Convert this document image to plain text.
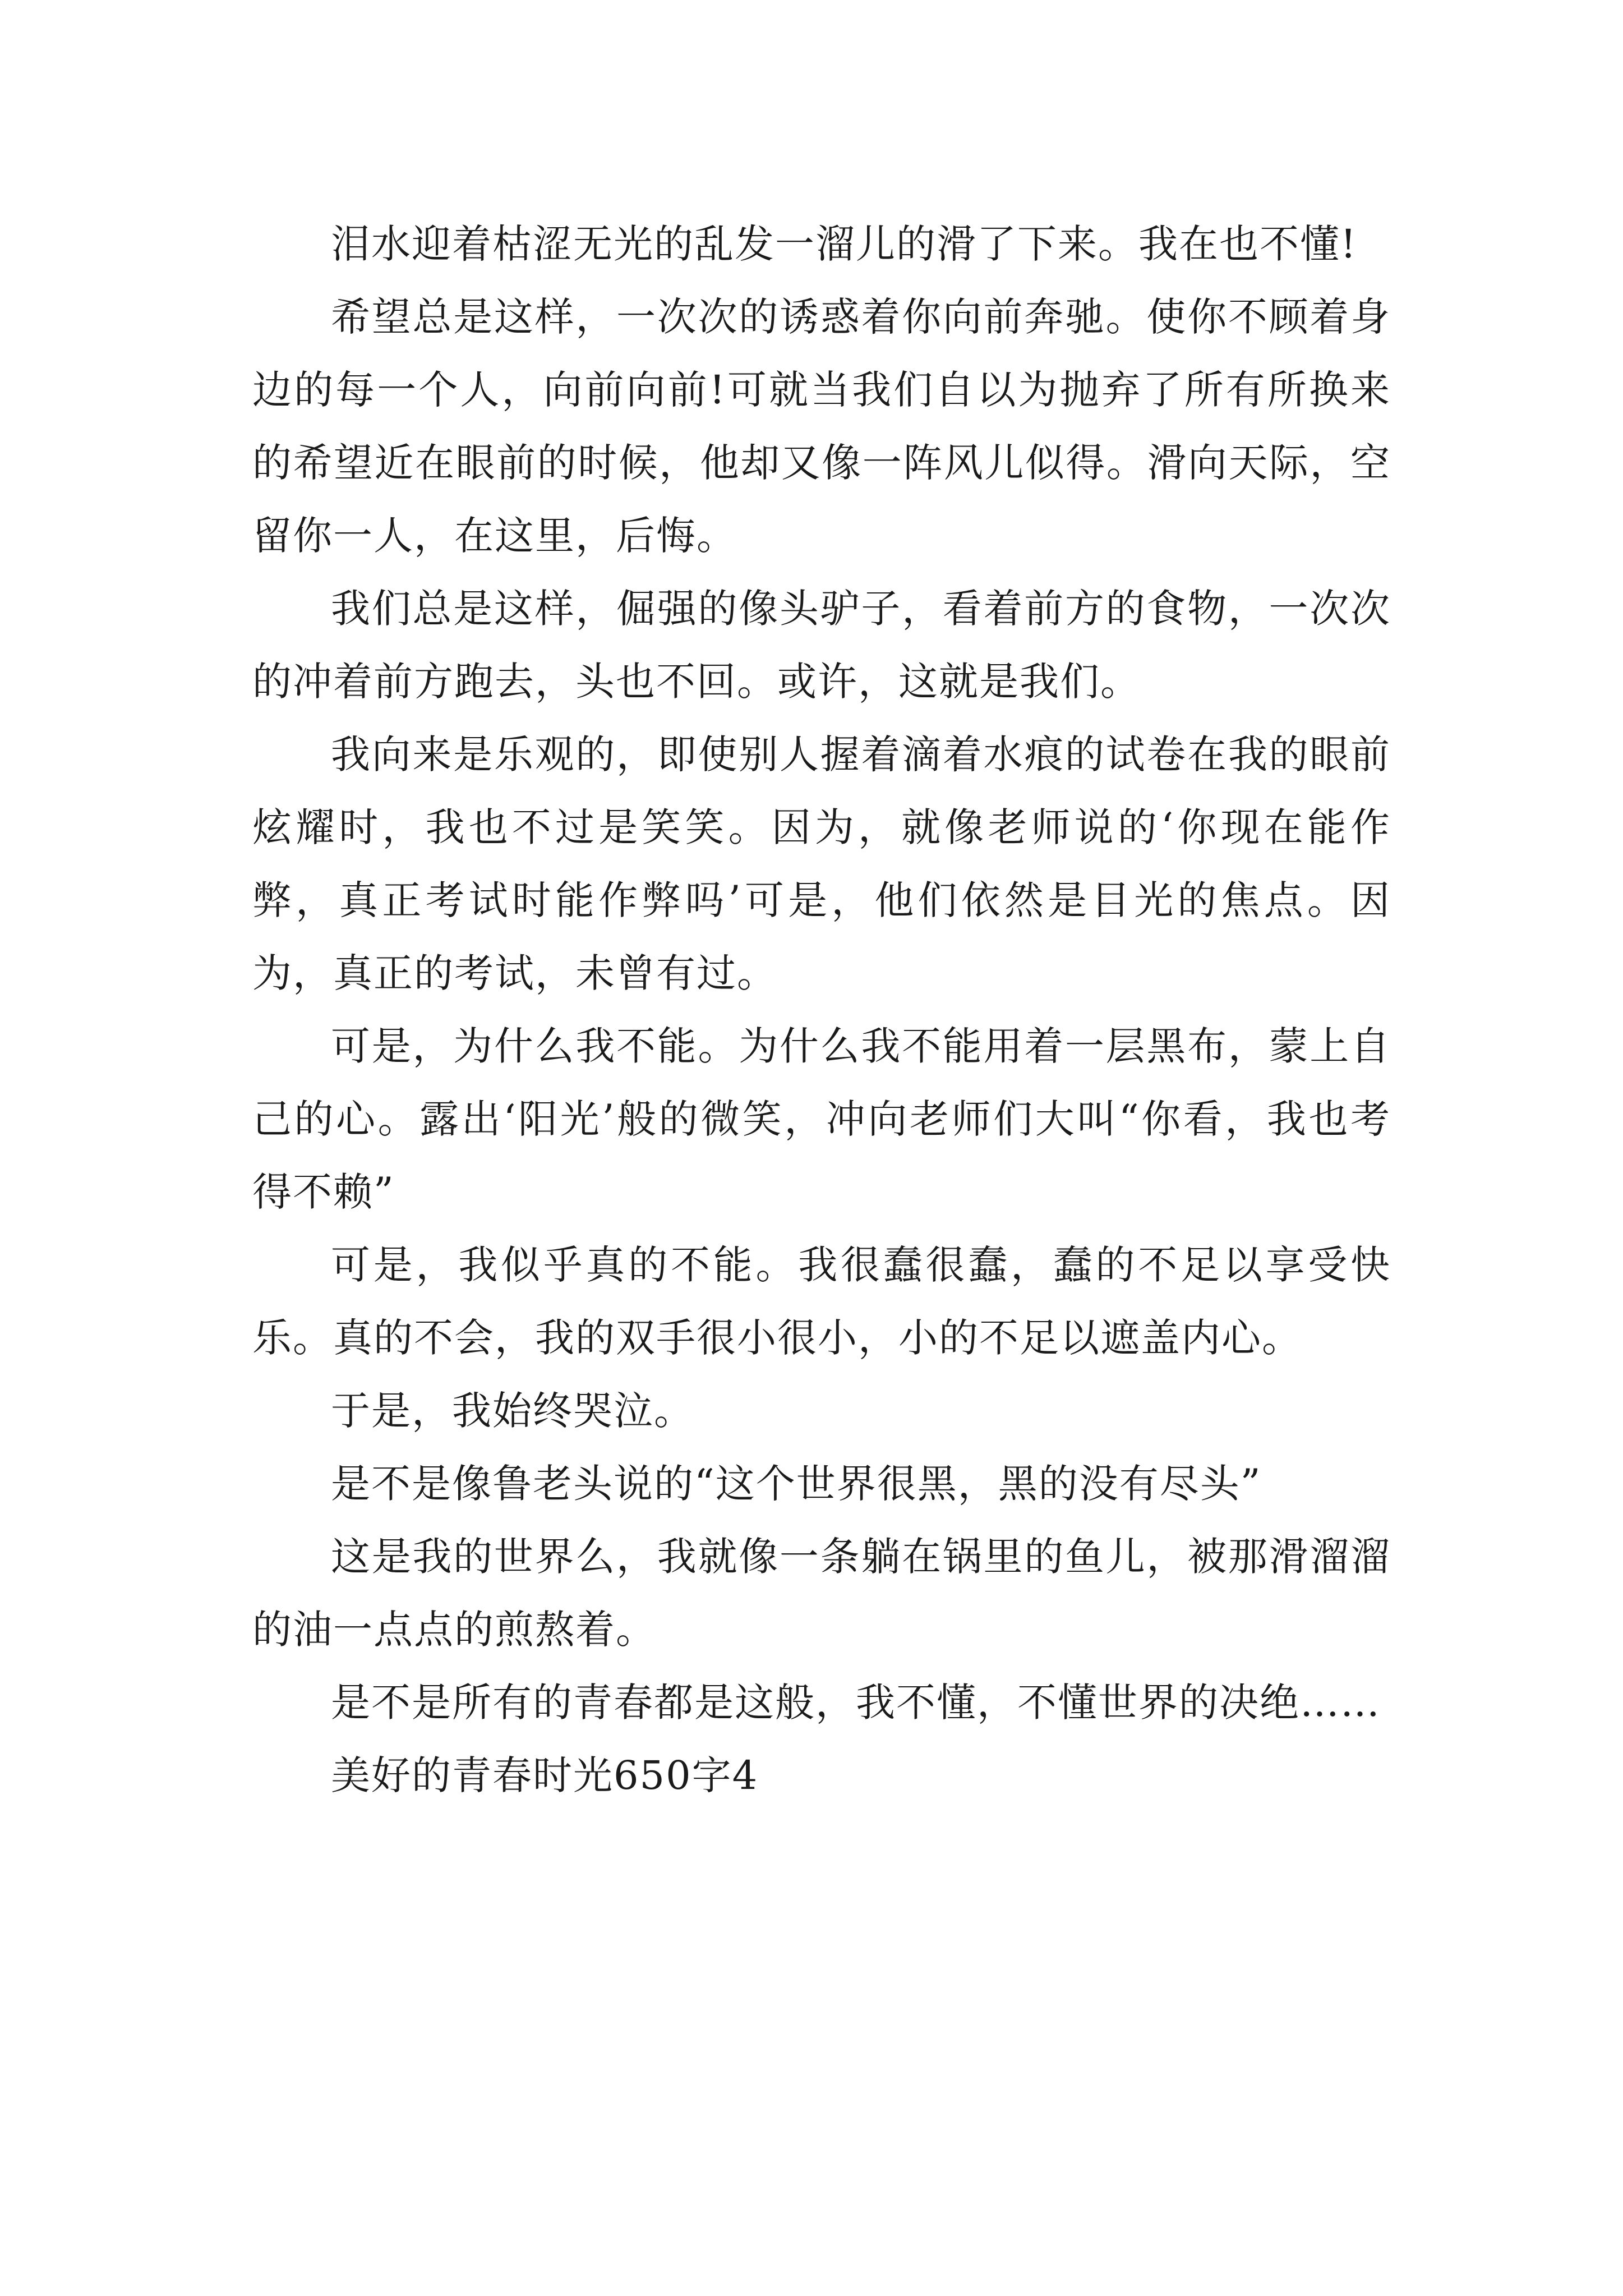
泪水迎着枯涩无光的乱发一溜儿的滑了下来。我在也不懂!

希望总是这样，一次次的诱惑着你向前奔驰。使你不顾着身边的每一个人，向前向前!可就当我们自以为抛弃了所有所换来的希望近在眼前的时候，他却又像一阵风儿似得。滑向天际，空留你一人，在这里，后悔。

我们总是这样，倔强的像头驴子，看着前方的食物，一次次的冲着前方跑去，头也不回。或许，这就是我们。

我向来是乐观的，即使别人握着滴着水痕的试卷在我的眼前炫耀时，我也不过是笑笑。因为，就像老师说的‘你现在能作弊，真正考试时能作弊吗’可是，他们依然是目光的焦点。因为，真正的考试，未曾有过。

可是，为什么我不能。为什么我不能用着一层黑布，蒙上自己的心。露出‘阳光’般的微笑，冲向老师们大叫“你看，我也考得不赖”

可是，我似乎真的不能。我很蠢很蠢，蠢的不足以享受快乐。真的不会，我的双手很小很小，小的不足以遮盖内心。

于是，我始终哭泣。

是不是像鲁老头说的“这个世界很黑，黑的没有尽头”

这是我的世界么，我就像一条躺在锅里的鱼儿，被那滑溜溜的油一点点的煎熬着。

是不是所有的青春都是这般，我不懂，不懂世界的决绝……

美好的青春时光650字4
